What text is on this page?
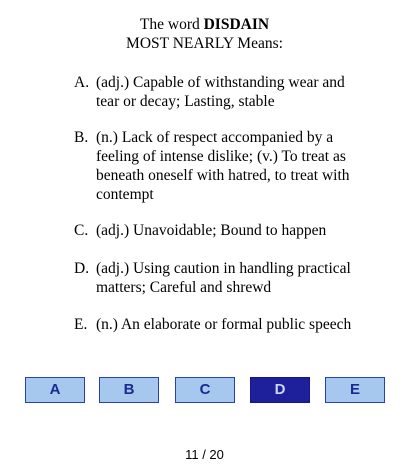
The word DISDAIN
MOST NEARLY Means:
A. (adj.) Capable of withstanding wear and tear or decay; Lasting, stable
B. (n.) Lack of respect accompanied by a feeling of intense dislike; (v.) To treat as beneath oneself with hatred, to treat with contempt
C. (adj.) Unavoidable; Bound to happen
D. (adj.) Using caution in handling practical matters; Careful and shrewd
E. (n.) An elaborate or formal public speech
A	B	C	D	E
11 / 20
